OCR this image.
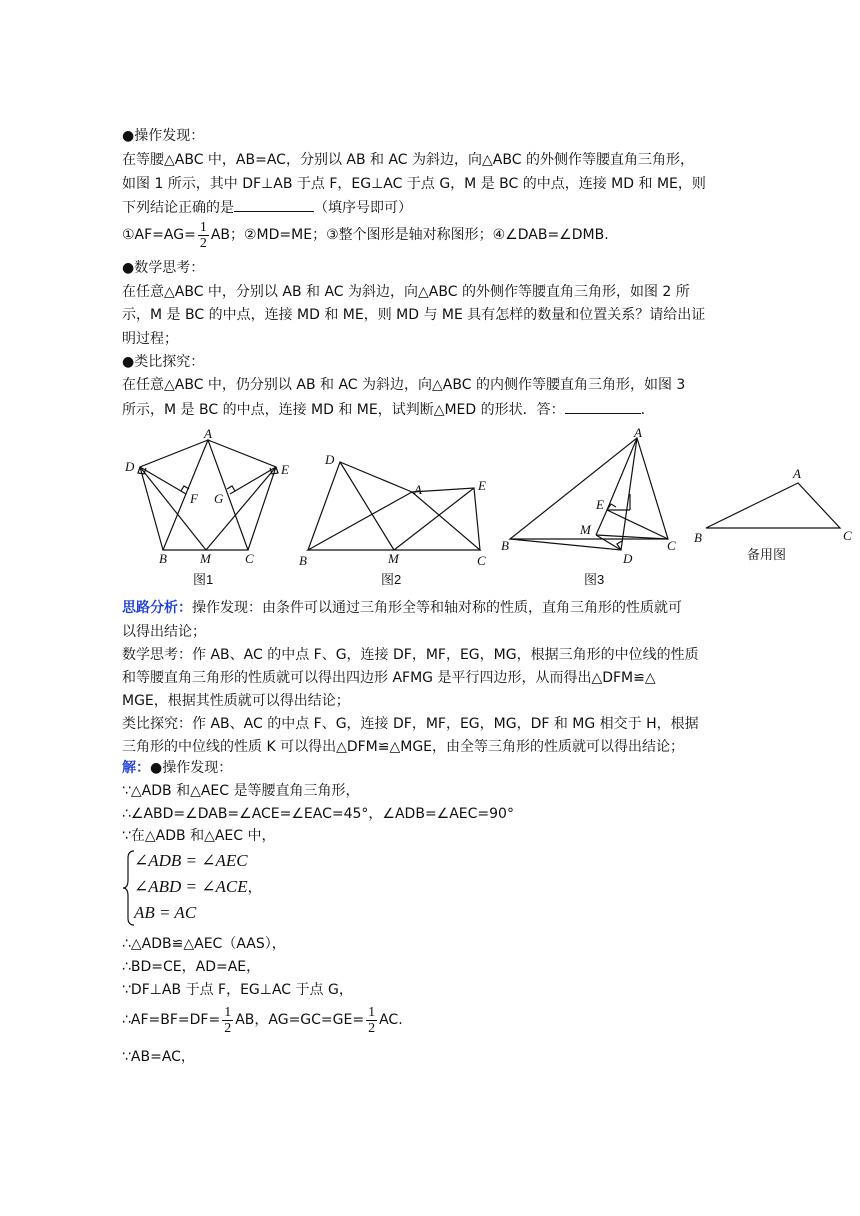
●操作发现：
在等腰△ABC 中，AB=AC，分别以 AB 和 AC 为斜边，向△ABC 的外侧作等腰直角三角形，
如图 1 所示，其中 DF⊥AB 于点 F，EG⊥AC 于点 G，M 是 BC 的中点，连接 MD 和 ME，则
下列结论正确的是	（填序号即可）
①AF=AG= $\frac{1}{2}$ AB；②MD=ME；③整个图形是轴对称图形；④∠DAB=∠DMB.
●数学思考：
在任意△ABC 中，分别以 AB 和 AC 为斜边，向△ABC 的外侧作等腰直角三角形，如图 2 所
示，M 是 BC 的中点，连接 MD 和 ME，则 MD 与 ME 具有怎样的数量和位置关系？请给出证
明过程；
●类比探究：
在任意△ABC 中，仍分别以 AB 和 AC 为斜边，向△ABC 的内侧作等腰直角三角形，如图 3
所示，M 是 BC 的中点，连接 MD 和 ME，试判断△MED 的形状．答：	.
A
D	E
F G
B	M	C
图1
D
A	E
B	M	C
图2
A
E
M
B	C
D
图3
A
B	C
备用图
思路分析：操作发现：由条件可以通过三角形全等和轴对称的性质，直角三角形的性质就可
以得出结论；
数学思考：作 AB、AC 的中点 F、G，连接 DF，MF，EG，MG，根据三角形的中位线的性质
和等腰直角三角形的性质就可以得出四边形 AFMG 是平行四边形，从而得出△DFM≌△
MGE，根据其性质就可以得出结论；
类比探究：作 AB、AC 的中点 F、G，连接 DF，MF，EG，MG，DF 和 MG 相交于 H，根据
三角形的中位线的性质 K 可以得出△DFM≌△MGE，由全等三角形的性质就可以得出结论；
解：●操作发现：
∵△ADB 和△AEC 是等腰直角三角形，
∴∠ABD=∠DAB=∠ACE=∠EAC=45°，∠ADB=∠AEC=90°
∵在△ADB 和△AEC 中，
∠ADB = ∠AEC
∠ABD = ∠ACE，
AB = AC
∴△ADB≌△AEC（AAS），
∴BD=CE，AD=AE，
∵DF⊥AB 于点 F，EG⊥AC 于点 G，
∴AF=BF=DF= $\frac{1}{2}$ AB，$AG=GC=GE= \frac{1}{2}$ AC.
∵AB=AC，
